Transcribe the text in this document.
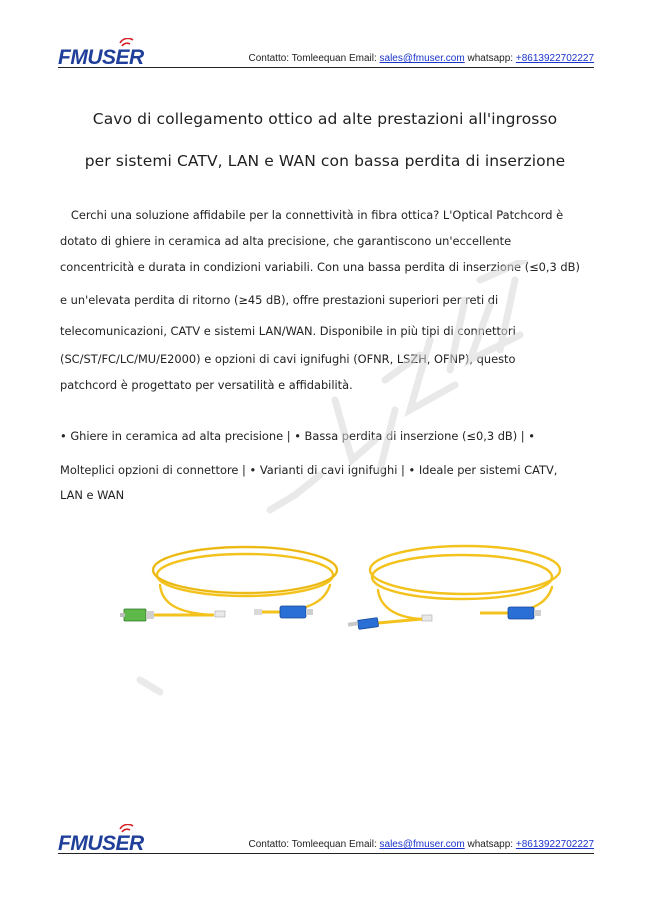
FMUSER	Contatto: Tomleequan Email: sales@fmuser.com whatsapp: +8613922702227
Cavo di collegamento ottico ad alte prestazioni all'ingrosso
per sistemi CATV, LAN e WAN con bassa perdita di inserzione
Cerchi una soluzione affidabile per la connettività in fibra ottica? L'Optical Patchcord è
dotato di ghiere in ceramica ad alta precisione, che garantiscono un'eccellente
concentricità e durata in condizioni variabili. Con una bassa perdita di inserzione (≤0,3 dB)
e un'elevata perdita di ritorno (≥45 dB), offre prestazioni superiori per reti di
telecomunicazioni, CATV e sistemi LAN/WAN. Disponibile in più tipi di connettori
(SC/ST/FC/LC/MU/E2000) e opzioni di cavi ignifughi (OFNR, LSZH, OFNP), questo
patchcord è progettato per versatilità e affidabilità.
• Ghiere in ceramica ad alta precisione | • Bassa perdita di inserzione (≤0,3 dB) | •
Molteplici opzioni di connettore | • Varianti di cavi ignifughi | • Ideale per sistemi CATV,
LAN e WAN
FMUSER	Contatto: Tomleequan Email: sales@fmuser.com whatsapp: +8613922702227
